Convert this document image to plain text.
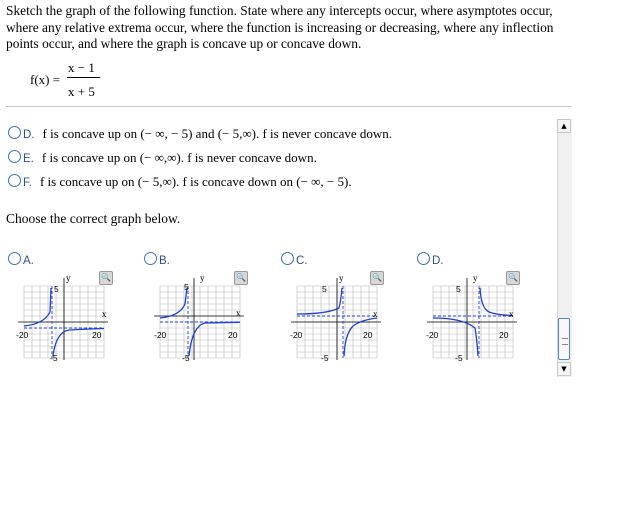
Sketch the graph of the following function. State where any intercepts occur, where asymptotes occur, where any relative extrema occur, where the function is increasing or decreasing, where any inflection points occur, and where the graph is concave up or concave down.
f(x) =
x − 1
x + 5
D. f is concave up on (− ∞, − 5) and (− 5,∞). f is never concave down.
E. f is concave up on (− ∞,∞). f is never concave down.
F. f is concave up on (− 5,∞). f is concave down on (− ∞, − 5).
Choose the correct graph below.
A.	B.	C.	D.
y
x
-20	20
5
-5
🔍	y
x
-20	20
5
-5
🔍	y
x
-20	20
5
-5
🔍	y
x
-20	20
5
-5
🔍
▲
▼
